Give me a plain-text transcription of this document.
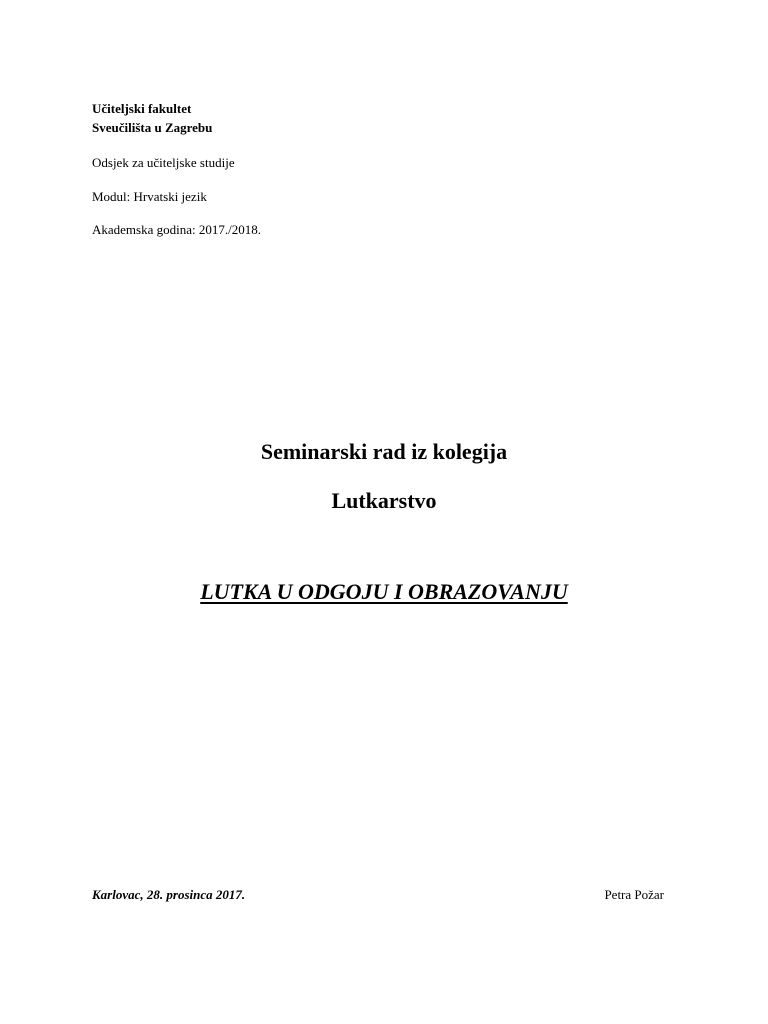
Učiteljski fakultet

Sveučilišta u Zagrebu

Odsjek za učiteljske studije

Modul: Hrvatski jezik

Akademska godina: 2017./2018.

Seminarski rad iz kolegija
Lutkarstvo
LUTKA U ODGOJU I OBRAZOVANJU

Karlovac, 28. prosinca 2017.	Petra Požar
